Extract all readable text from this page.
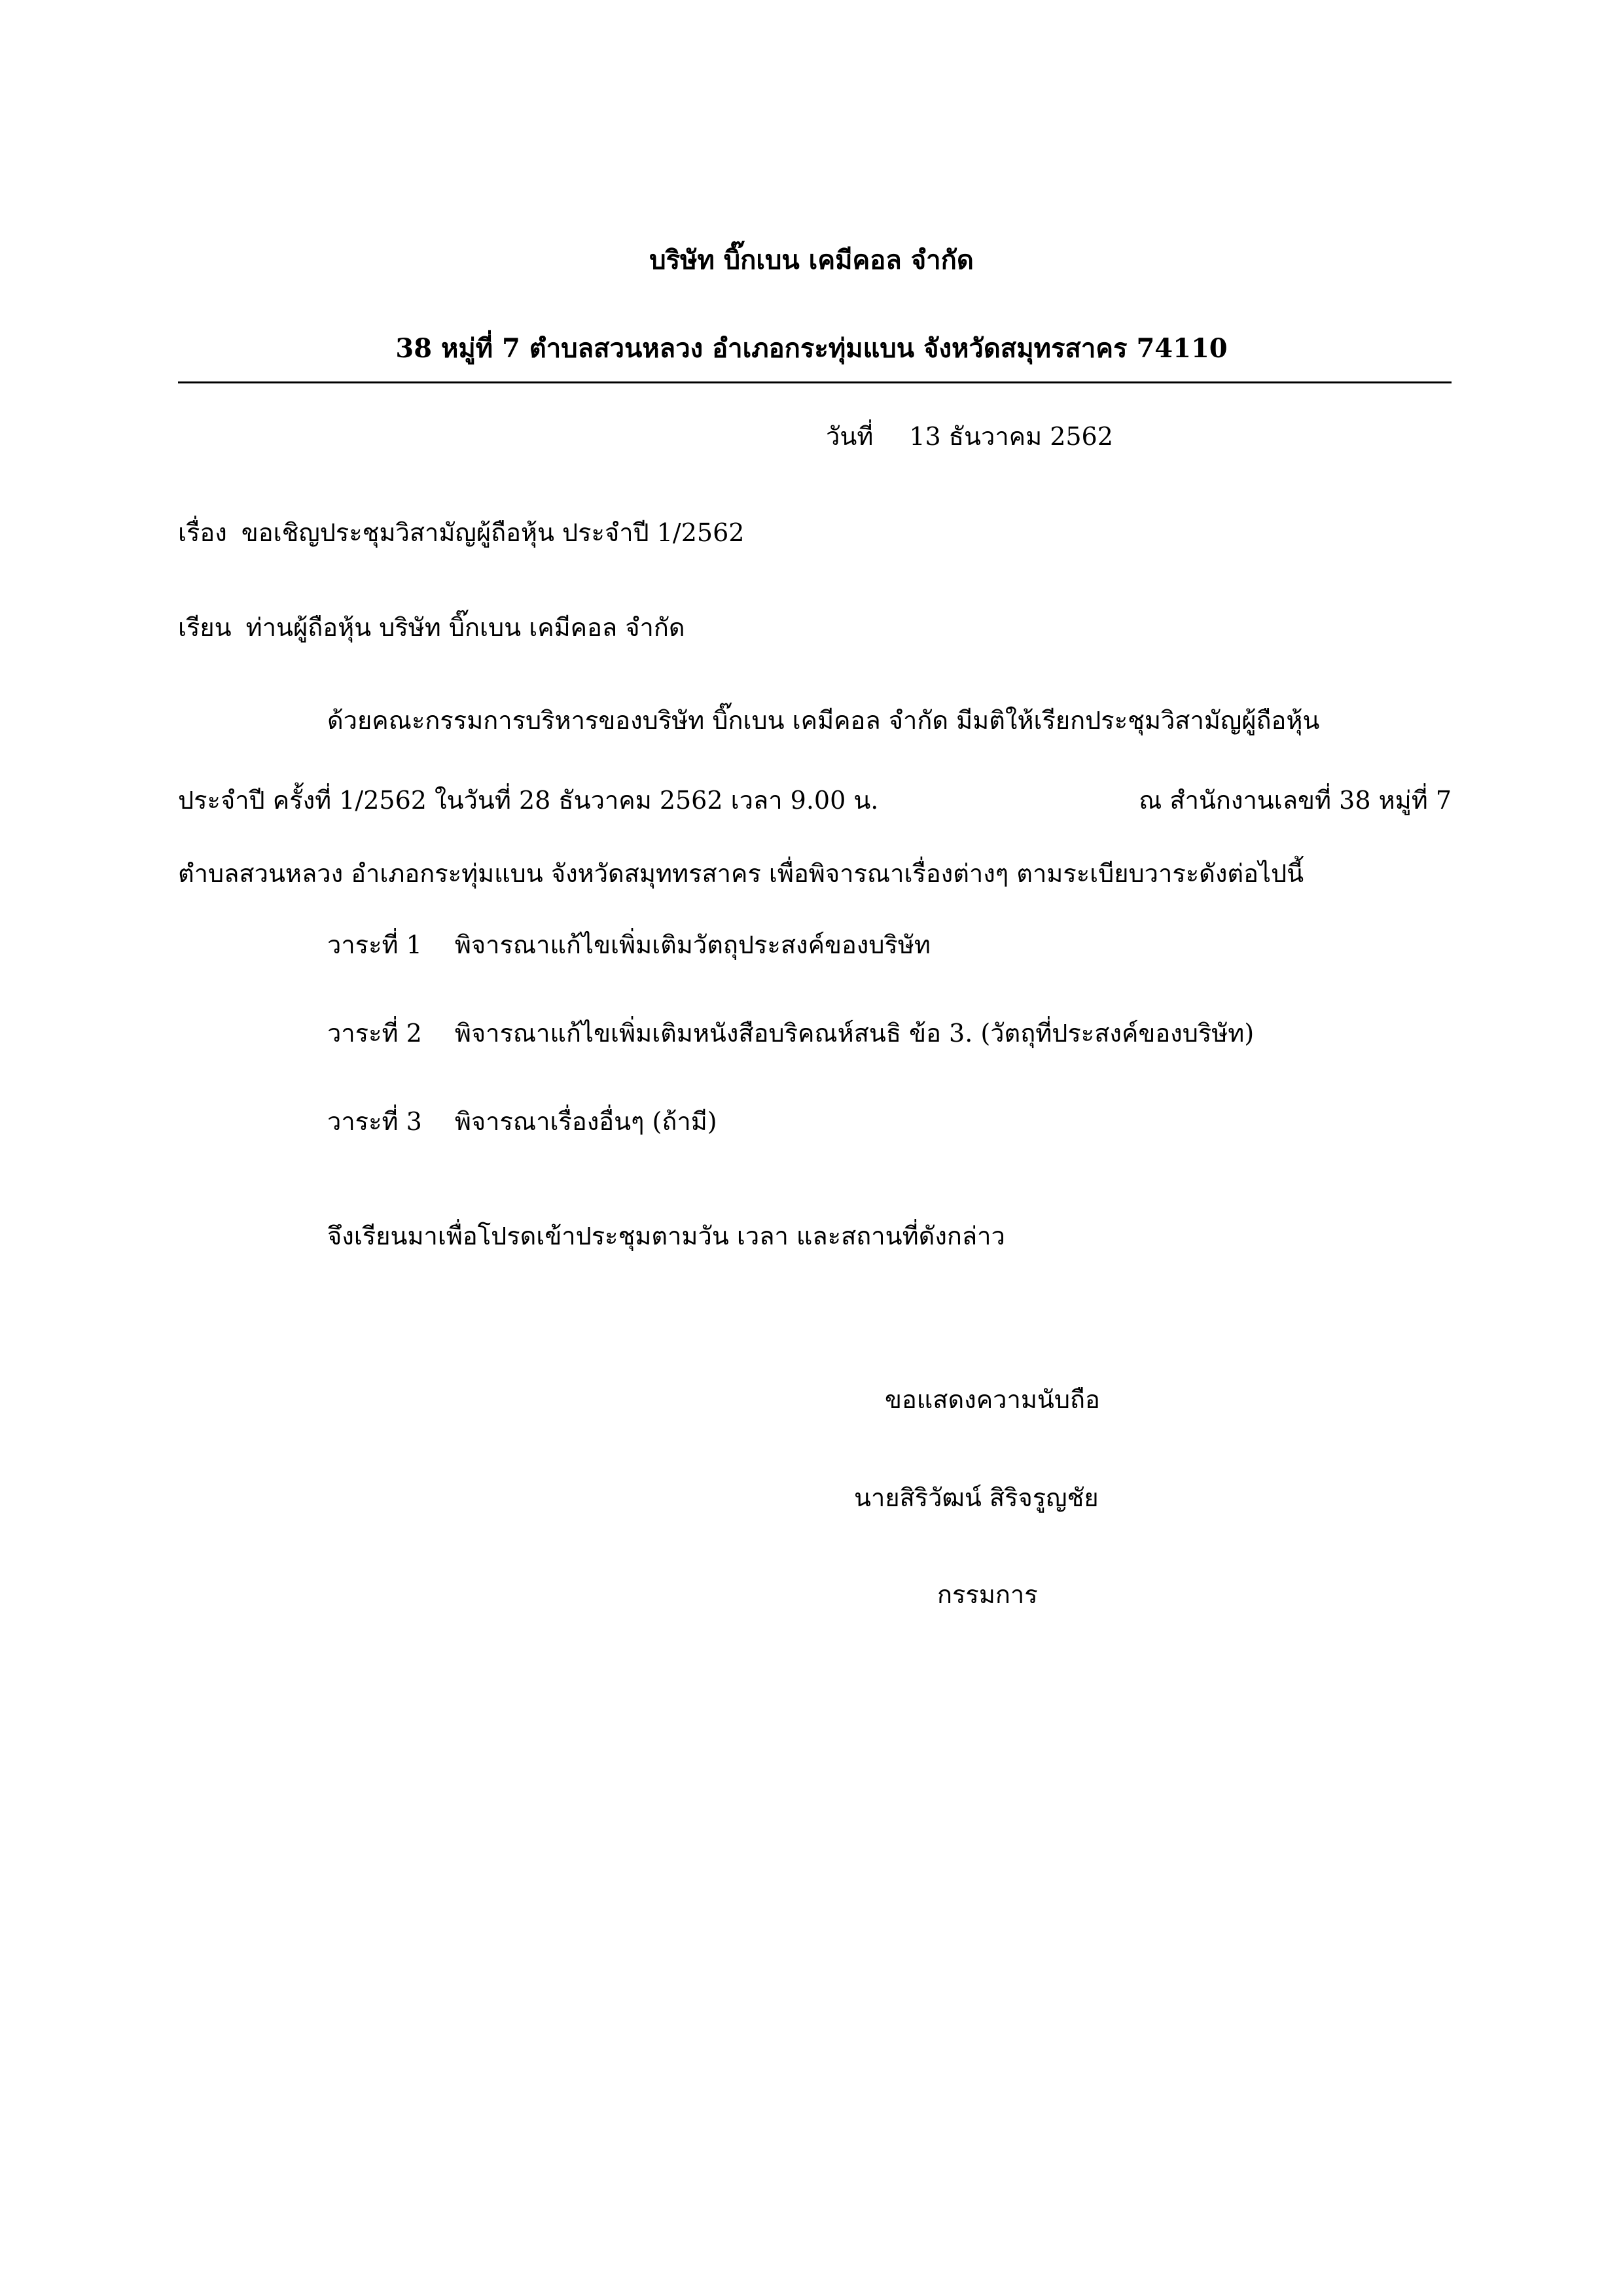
บริษัท บิ๊กเบน เคมีคอล จำกัด
38 หมู่ที่ 7 ตำบลสวนหลวง อำเภอกระทุ่มแบน จังหวัดสมุทรสาคร 74110
วันที่ 13 ธันวาคม 2562
เรื่อง ขอเชิญประชุมวิสามัญผู้ถือหุ้น ประจำปี 1/2562
เรียน ท่านผู้ถือหุ้น บริษัท บิ๊กเบน เคมีคอล จำกัด
ด้วยคณะกรรมการบริหารของบริษัท บิ๊กเบน เคมีคอล จำกัด มีมติให้เรียกประชุมวิสามัญผู้ถือหุ้น
ประจำปี ครั้งที่ 1/2562 ในวันที่ 28 ธันวาคม 2562 เวลา 9.00 น.	ณ สำนักงานเลขที่ 38 หมู่ที่ 7
ตำบลสวนหลวง อำเภอกระทุ่มแบน จังหวัดสมุททรสาคร เพื่อพิจารณาเรื่องต่างๆ ตามระเบียบวาระดังต่อไปนี้
วาระที่ 1 พิจารณาแก้ไขเพิ่มเติมวัตถุประสงค์ของบริษัท
วาระที่ 2 พิจารณาแก้ไขเพิ่มเติมหนังสือบริคณห์สนธิ ข้อ 3. (วัตถุที่ประสงค์ของบริษัท)
วาระที่ 3 พิจารณาเรื่องอื่นๆ (ถ้ามี)
จึงเรียนมาเพื่อโปรดเข้าประชุมตามวัน เวลา และสถานที่ดังกล่าว
ขอแสดงความนับถือ
นายสิริวัฒน์ สิริจรูญชัย
กรรมการ
